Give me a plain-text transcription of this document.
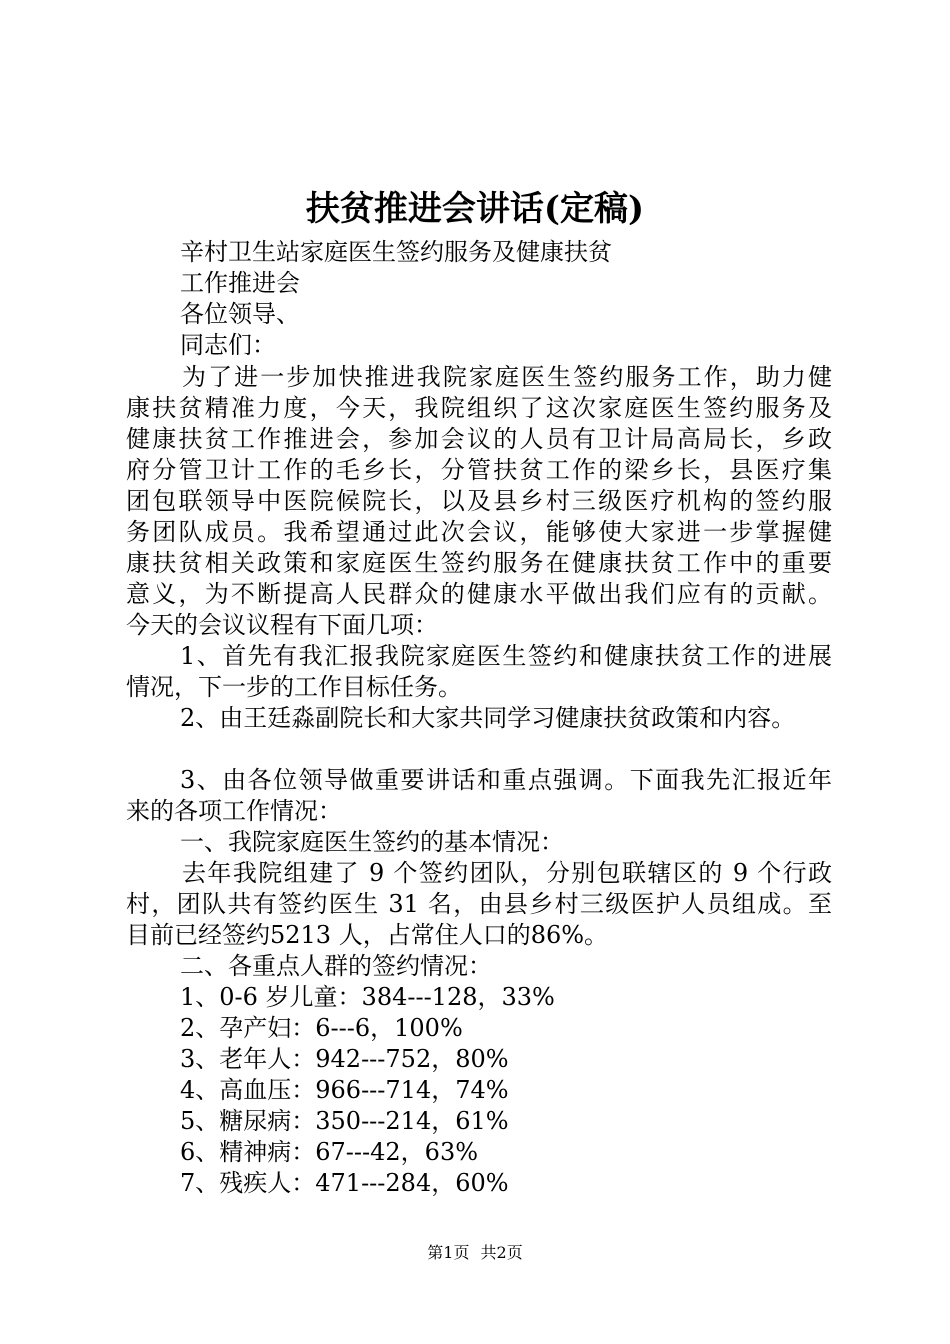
扶贫推进会讲话(定稿)
辛村卫生站家庭医生签约服务及健康扶贫
工作推进会
各位领导、
同志们：
为了进一步加快推进我院家庭医生签约服务工作，助力健
康扶贫精准力度，今天，我院组织了这次家庭医生签约服务及
健康扶贫工作推进会，参加会议的人员有卫计局高局长，乡政
府分管卫计工作的毛乡长，分管扶贫工作的梁乡长，县医疗集
团包联领导中医院候院长，以及县乡村三级医疗机构的签约服
务团队成员。我希望通过此次会议，能够使大家进一步掌握健
康扶贫相关政策和家庭医生签约服务在健康扶贫工作中的重要
意义，为不断提高人民群众的健康水平做出我们应有的贡献。
今天的会议议程有下面几项：
1、首先有我汇报我院家庭医生签约和健康扶贫工作的进展
情况，下一步的工作目标任务。
2、由王廷淼副院长和大家共同学习健康扶贫政策和内容。
3、由各位领导做重要讲话和重点强调。下面我先汇报近年
来的各项工作情况：
一、我院家庭医生签约的基本情况：
去年我院组建了 9 个签约团队，分别包联辖区的 9 个行政
村，团队共有签约医生 31 名，由县乡村三级医护人员组成。至
目前已经签约5213 人，占常住人口的86%。
二、各重点人群的签约情况：
1、0-6 岁儿童：384---128，33%
2、孕产妇：6---6，100%
3、老年人：942---752，80%
4、高血压：966---714，74%
5、糖尿病：350---214，61%
6、精神病：67---42，63%
7、残疾人：471---284，60%
第1页 共2页
